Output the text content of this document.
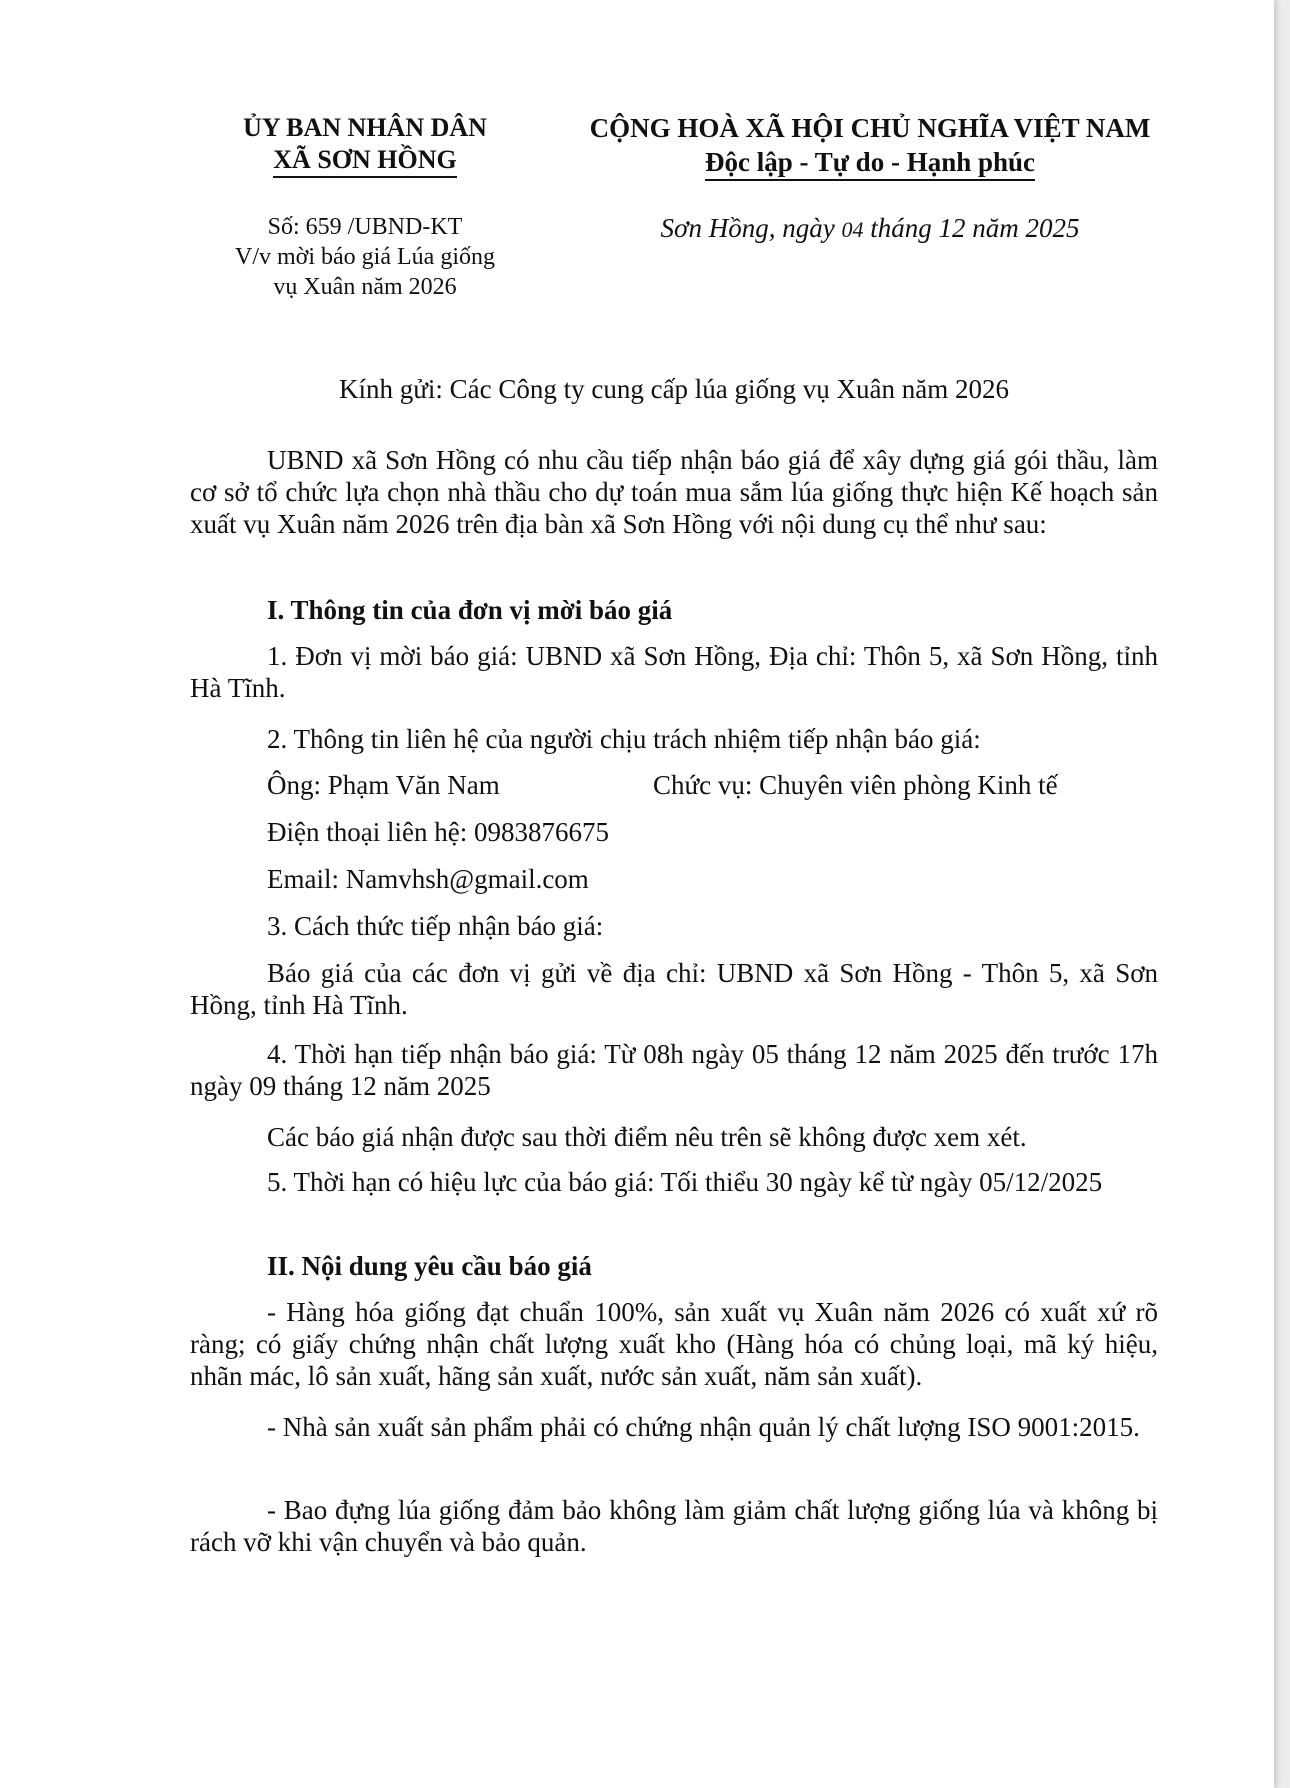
ỦY BAN NHÂN DÂN
XÃ SƠN HỒNG
CỘNG HOÀ XÃ HỘI CHỦ NGHĨA VIỆT NAM
Độc lập - Tự do - Hạnh phúc
Số: 659 /UBND-KT
V/v mời báo giá Lúa giống
vụ Xuân năm 2026
Sơn Hồng, ngày 04 tháng 12 năm 2025
Kính gửi: Các Công ty cung cấp lúa giống vụ Xuân năm 2026
UBND xã Sơn Hồng có nhu cầu tiếp nhận báo giá để xây dựng giá gói thầu, làm cơ sở tổ chức lựa chọn nhà thầu cho dự toán mua sắm lúa giống thực hiện Kế hoạch sản xuất vụ Xuân năm 2026 trên địa bàn xã Sơn Hồng với nội dung cụ thể như sau:
I. Thông tin của đơn vị mời báo giá
1. Đơn vị mời báo giá: UBND xã Sơn Hồng, Địa chỉ: Thôn 5, xã Sơn Hồng, tỉnh Hà Tĩnh.
2. Thông tin liên hệ của người chịu trách nhiệm tiếp nhận báo giá:
Ông: Phạm Văn Nam	Chức vụ: Chuyên viên phòng Kinh tế
Điện thoại liên hệ: 0983876675
Email: Namvhsh@gmail.com
3. Cách thức tiếp nhận báo giá:
Báo giá của các đơn vị gửi về địa chỉ: UBND xã Sơn Hồng - Thôn 5, xã Sơn Hồng, tỉnh Hà Tĩnh.
4. Thời hạn tiếp nhận báo giá: Từ 08h ngày 05 tháng 12 năm 2025 đến trước 17h ngày 09 tháng 12 năm 2025
Các báo giá nhận được sau thời điểm nêu trên sẽ không được xem xét.
5. Thời hạn có hiệu lực của báo giá: Tối thiểu 30 ngày kể từ ngày 05/12/2025
II. Nội dung yêu cầu báo giá
- Hàng hóa giống đạt chuẩn 100%, sản xuất vụ Xuân năm 2026 có xuất xứ rõ ràng; có giấy chứng nhận chất lượng xuất kho (Hàng hóa có chủng loại, mã ký hiệu, nhãn mác, lô sản xuất, hãng sản xuất, nước sản xuất, năm sản xuất).
- Nhà sản xuất sản phẩm phải có chứng nhận quản lý chất lượng ISO 9001:2015.
- Bao đựng lúa giống đảm bảo không làm giảm chất lượng giống lúa và không bị rách vỡ khi vận chuyển và bảo quản.
